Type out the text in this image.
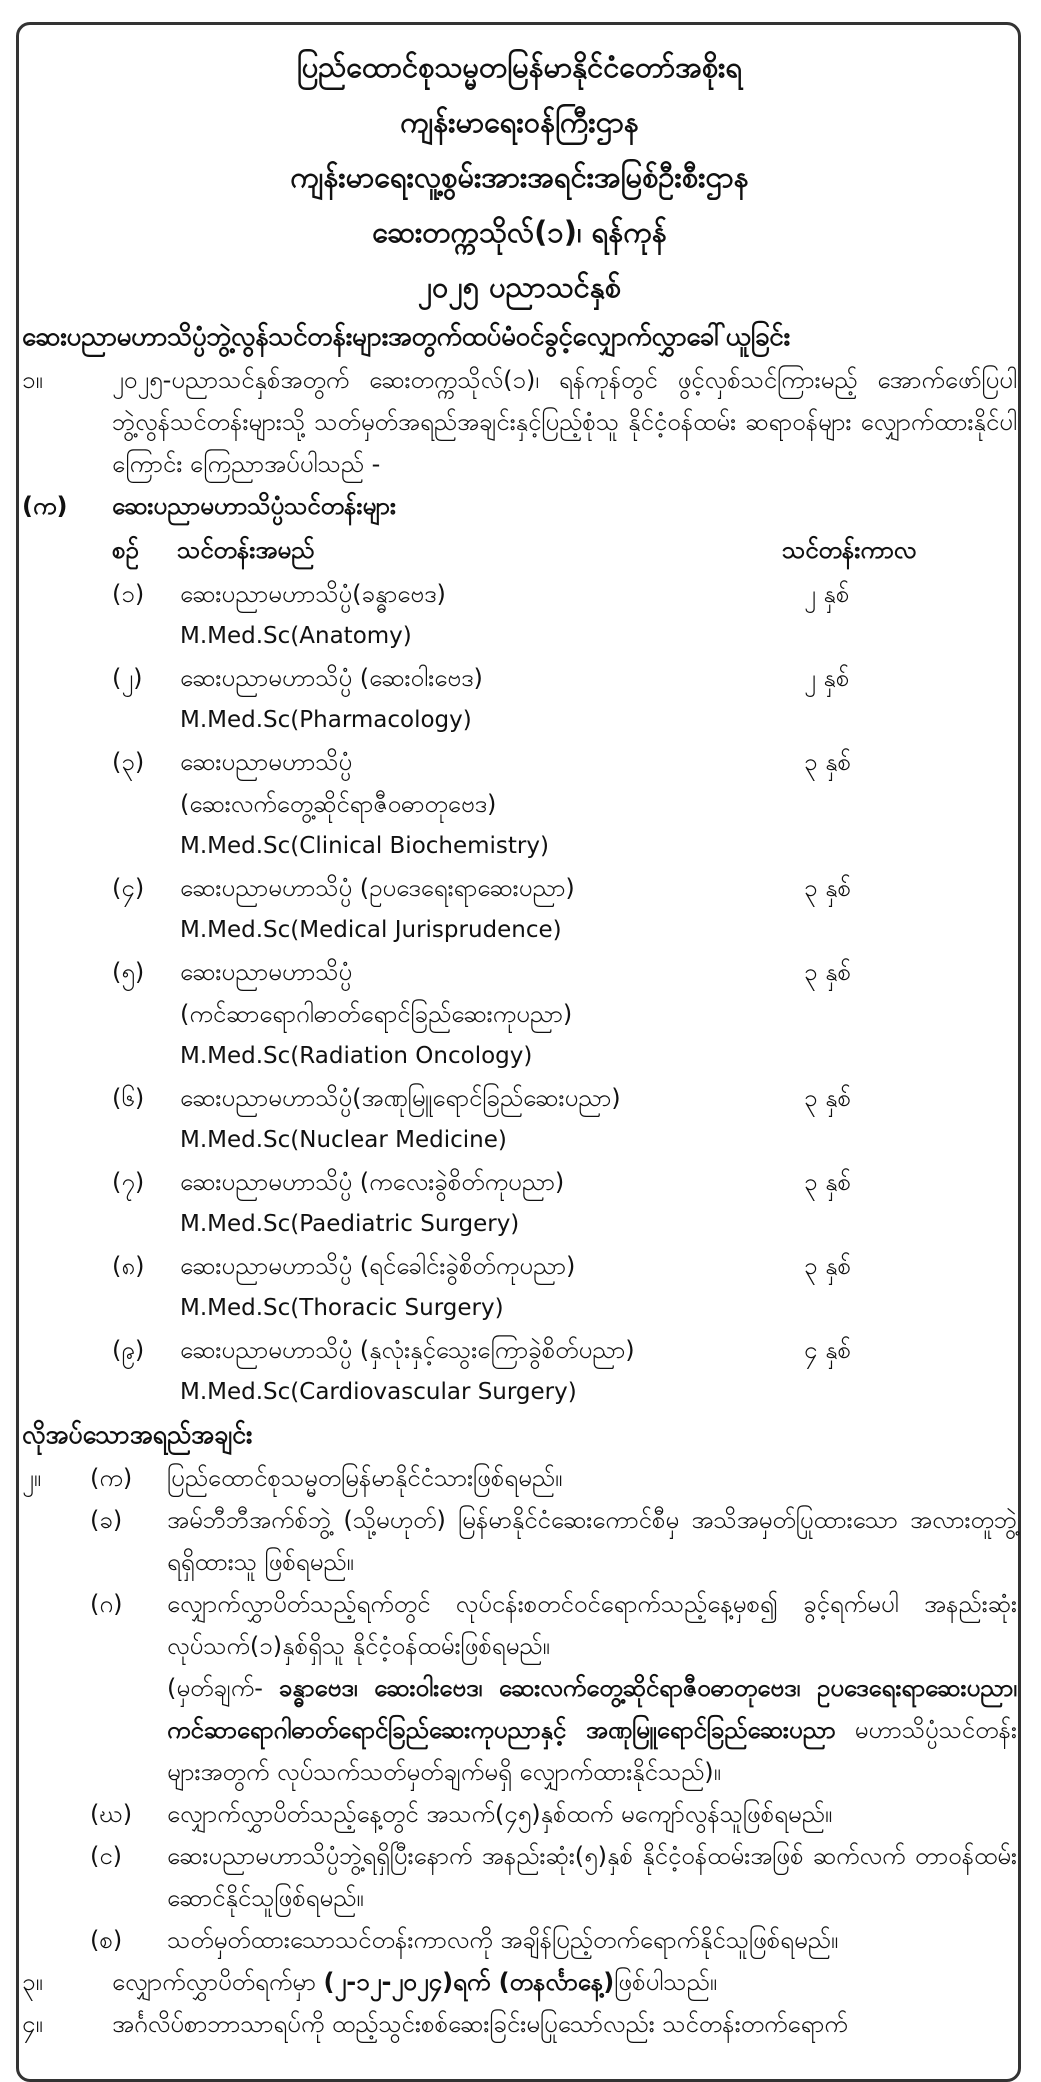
ပြည်ထောင်စုသမ္မတမြန်မာနိုင်ငံတော်အစိုးရ
ကျန်းမာရေးဝန်ကြီးဌာန
ကျန်းမာရေးလူ့စွမ်းအားအရင်းအမြစ်ဦးစီးဌာန
ဆေးတက္ကသိုလ်(၁)၊ ရန်ကုန်
၂၀၂၅ ပညာသင်နှစ်
ဆေးပညာမဟာသိပ္ပံဘွဲ့လွန်သင်တန်းများအတွက်ထပ်မံဝင်ခွင့်လျှောက်လွှာခေါ်ယူခြင်း
၁။	၂၀၂၅-ပညာသင်နှစ်အတွက် ဆေးတက္ကသိုလ်(၁)၊ ရန်ကုန်တွင် ဖွင့်လှစ်သင်ကြားမည့် အောက်ဖော်ပြပါ ဘွဲ့လွန်သင်တန်းများသို့ သတ်မှတ်အရည်အချင်းနှင့်ပြည့်စုံသူ နိုင်ငံ့ဝန်ထမ်း ဆရာဝန်များ လျှောက်ထားနိုင်ပါကြောင်း ကြေညာအပ်ပါသည် -
(က) ဆေးပညာမဟာသိပ္ပံသင်တန်းများ
စဉ် သင်တန်းအမည်	သင်တန်းကာလ
(၁) ဆေးပညာမဟာသိပ္ပံ(ခန္ဓာဗေဒ)
M.Med.Sc(Anatomy)
၂ နှစ်
(၂) ဆေးပညာမဟာသိပ္ပံ (ဆေးဝါးဗေဒ)
M.Med.Sc(Pharmacology)
၂ နှစ်
(၃) ဆေးပညာမဟာသိပ္ပံ
(ဆေးလက်တွေ့ဆိုင်ရာဇီဝဓာတုဗေဒ)
M.Med.Sc(Clinical Biochemistry)
၃ နှစ်
(၄) ဆေးပညာမဟာသိပ္ပံ (ဥပဒေရေးရာဆေးပညာ)
M.Med.Sc(Medical Jurisprudence)
၃ နှစ်
(၅) ဆေးပညာမဟာသိပ္ပံ
(ကင်ဆာရောဂါဓာတ်ရောင်ခြည်ဆေးကုပညာ)
M.Med.Sc(Radiation Oncology)
၃ နှစ်
(၆) ဆေးပညာမဟာသိပ္ပံ(အဏုမြူရောင်ခြည်ဆေးပညာ)
M.Med.Sc(Nuclear Medicine)
၃ နှစ်
(၇) ဆေးပညာမဟာသိပ္ပံ (ကလေးခွဲစိတ်ကုပညာ)
M.Med.Sc(Paediatric Surgery)
၃ နှစ်
(၈) ဆေးပညာမဟာသိပ္ပံ (ရင်ခေါင်းခွဲစိတ်ကုပညာ)
M.Med.Sc(Thoracic Surgery)
၃ နှစ်
(၉) ဆေးပညာမဟာသိပ္ပံ (နှလုံးနှင့်သွေးကြောခွဲစိတ်ပညာ)
M.Med.Sc(Cardiovascular Surgery)
၄ နှစ်
လိုအပ်သောအရည်အချင်း
၂။ (က) ပြည်ထောင်စုသမ္မတမြန်မာနိုင်ငံသားဖြစ်ရမည်။
(ခ) အမ်ဘီဘီအက်စ်ဘွဲ့ (သို့မဟုတ်) မြန်မာနိုင်ငံဆေးကောင်စီမှ အသိအမှတ်ပြုထားသော အလားတူဘွဲ့ ရရှိထားသူ ဖြစ်ရမည်။
(ဂ) လျှောက်လွှာပိတ်သည့်ရက်တွင် လုပ်ငန်းစတင်ဝင်ရောက်သည့်နေ့မှစ၍ ခွင့်ရက်မပါ အနည်းဆုံး လုပ်သက်(၁)နှစ်ရှိသူ နိုင်ငံ့ဝန်ထမ်းဖြစ်ရမည်။
(မှတ်ချက်- ခန္ဓာဗေဒ၊ ဆေးဝါးဗေဒ၊ ဆေးလက်တွေ့ဆိုင်ရာဇီဝဓာတုဗေဒ၊ ဥပဒေရေးရာဆေးပညာ၊ ကင်ဆာရောဂါဓာတ်ရောင်ခြည်ဆေးကုပညာနှင့် အဏုမြူရောင်ခြည်ဆေးပညာ မဟာသိပ္ပံသင်တန်းများအတွက် လုပ်သက်သတ်မှတ်ချက်မရှိ လျှောက်ထားနိုင်သည်)။
(ဃ) လျှောက်လွှာပိတ်သည့်နေ့တွင် အသက်(၄၅)နှစ်ထက် မကျော်လွန်သူဖြစ်ရမည်။
(င) ဆေးပညာမဟာသိပ္ပံဘွဲ့ရရှိပြီးနောက် အနည်းဆုံး(၅)နှစ် နိုင်ငံ့ဝန်ထမ်းအဖြစ် ဆက်လက် တာဝန်ထမ်းဆောင်နိုင်သူဖြစ်ရမည်။
(စ) သတ်မှတ်ထားသောသင်တန်းကာလကို အချိန်ပြည့်တက်ရောက်နိုင်သူဖြစ်ရမည်။
၃။	လျှောက်လွှာပိတ်ရက်မှာ (၂-၁၂-၂၀၂၄)ရက် (တနင်္လာနေ့)ဖြစ်ပါသည်။
၄။	အင်္ဂလိပ်စာဘာသာရပ်ကို ထည့်သွင်းစစ်ဆေးခြင်းမပြုသော်လည်း သင်တန်းတက်ရောက်
